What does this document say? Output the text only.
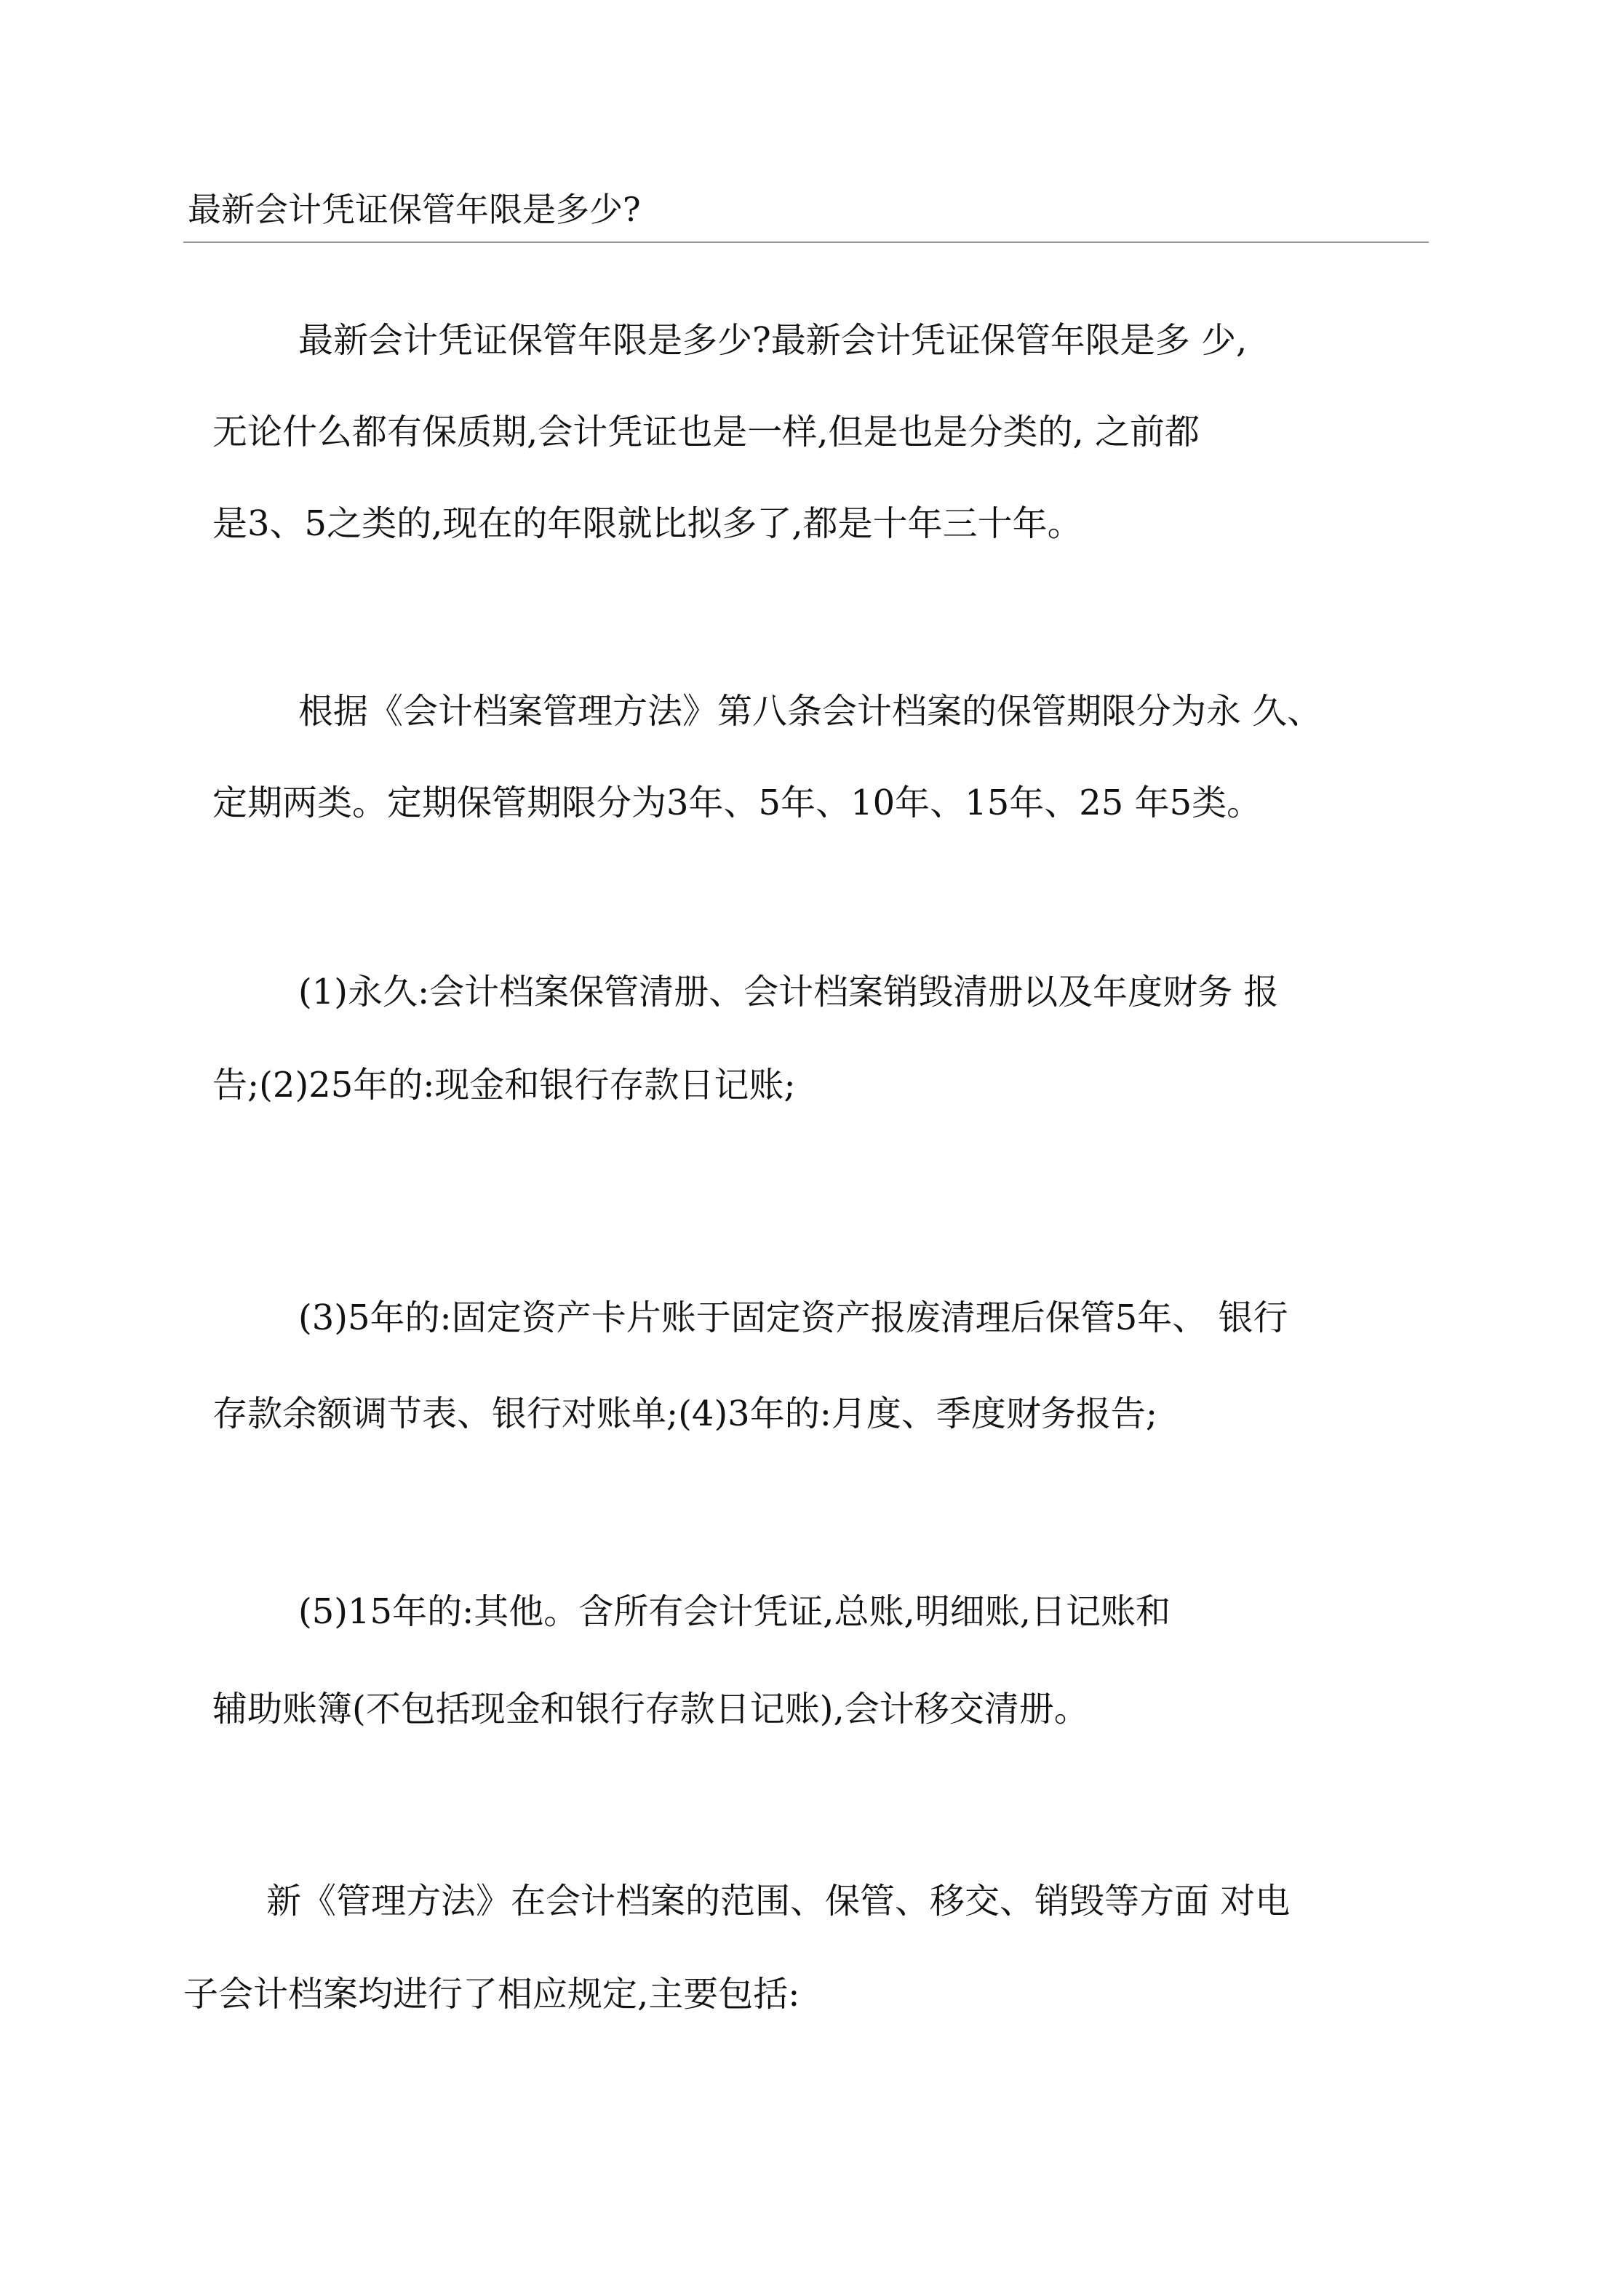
最新会计凭证保管年限是多少?
最新会计凭证保管年限是多少?最新会计凭证保管年限是多 少,
无论什么都有保质期,会计凭证也是一样,但是也是分类的, 之前都
是3、5之类的,现在的年限就比拟多了,都是十年三十年。
根据《会计档案管理方法》第八条会计档案的保管期限分为永 久、
定期两类。定期保管期限分为3年、5年、10年、15年、25 年5类。
(1)永久:会计档案保管清册、会计档案销毁清册以及年度财务 报
告;(2)25年的:现金和银行存款日记账;
(3)5年的:固定资产卡片账于固定资产报废清理后保管5年、 银行
存款余额调节表、银行对账单;(4)3年的:月度、季度财务报告;
(5)15年的:其他。含所有会计凭证,总账,明细账,日记账和
辅助账簿(不包括现金和银行存款日记账),会计移交清册。
新《管理方法》在会计档案的范围、保管、移交、销毁等方面 对电
子会计档案均进行了相应规定,主要包括:
